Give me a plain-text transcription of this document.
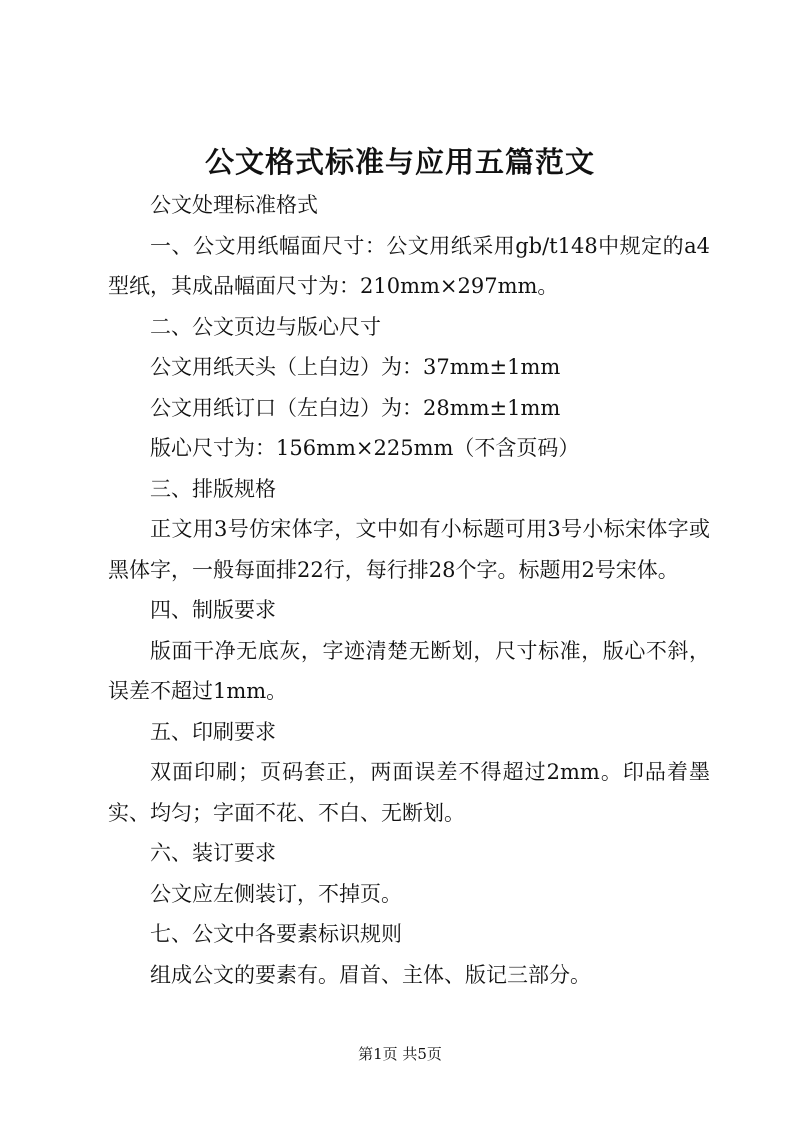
公文格式标准与应用五篇范文

公文处理标准格式

一、公文用纸幅面尺寸：公文用纸采用gb/t148中规定的a4型纸，其成品幅面尺寸为：210mm×297mm。

二、公文页边与版心尺寸

公文用纸天头（上白边）为：37mm±1mm

公文用纸订口（左白边）为：28mm±1mm

版心尺寸为：156mm×225mm（不含页码）

三、排版规格

正文用3号仿宋体字，文中如有小标题可用3号小标宋体字或黑体字，一般每面排22行，每行排28个字。标题用2号宋体。

四、制版要求

版面干净无底灰，字迹清楚无断划，尺寸标准，版心不斜，误差不超过1mm。

五、印刷要求

双面印刷；页码套正，两面误差不得超过2mm。印品着墨实、均匀；字面不花、不白、无断划。

六、装订要求

公文应左侧装订，不掉页。

七、公文中各要素标识规则

组成公文的要素有。眉首、主体、版记三部分。

第1页 共5页
